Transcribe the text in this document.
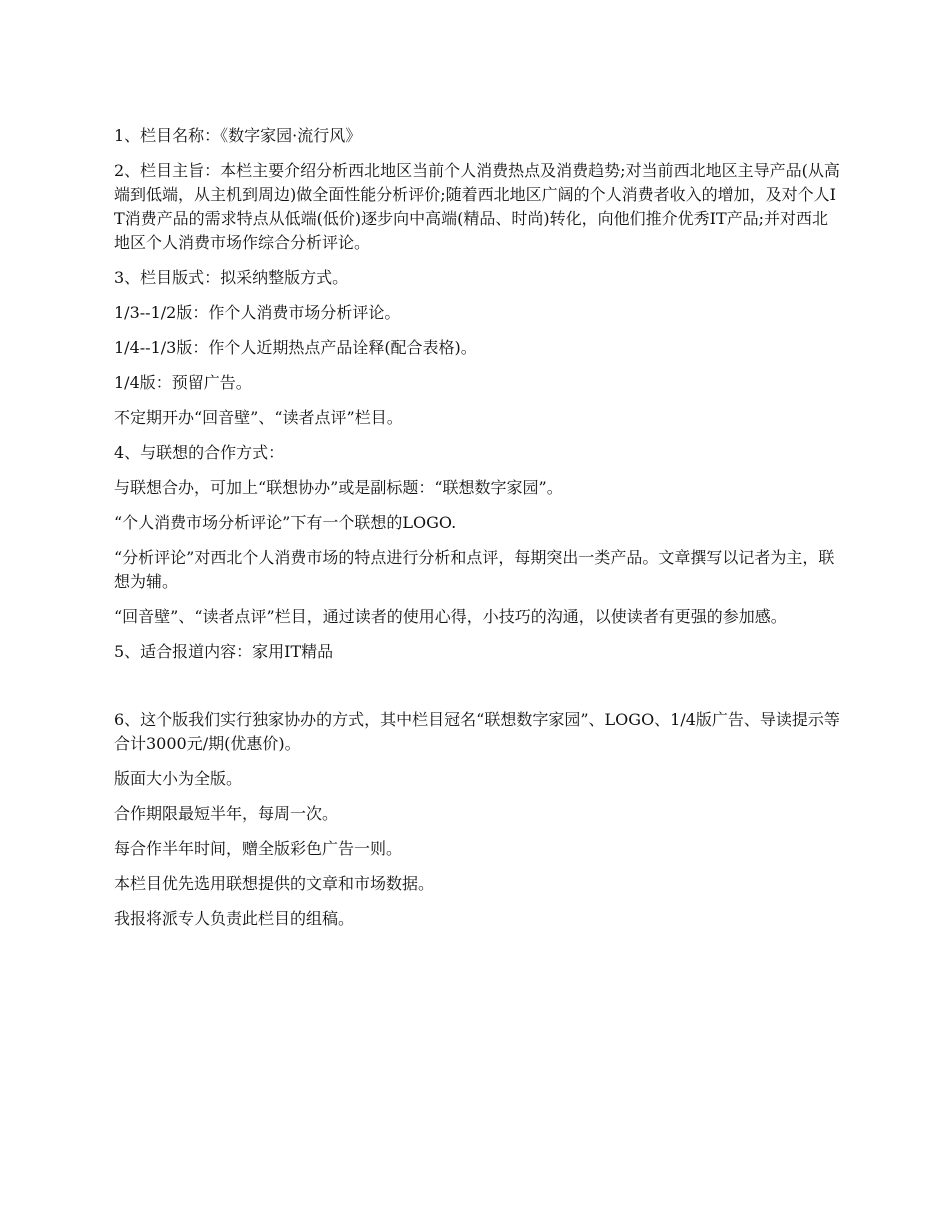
1、栏目名称：《数字家园·流行风》

2、栏目主旨：本栏主要介绍分析西北地区当前个人消费热点及消费趋势;对当前西北地区主导产品(从高端到低端，从主机到周边)做全面性能分析评价;随着西北地区广阔的个人消费者收入的增加，及对个人IT消费产品的需求特点从低端(低价)逐步向中高端(精品、时尚)转化，向他们推介优秀IT产品;并对西北地区个人消费市场作综合分析评论。

3、栏目版式：拟采纳整版方式。

1/3--1/2版：作个人消费市场分析评论。

1/4--1/3版：作个人近期热点产品诠释(配合表格)。

1/4版：预留广告。

不定期开办“回音壁”、“读者点评”栏目。

4、与联想的合作方式：

与联想合办，可加上“联想协办”或是副标题：“联想数字家园”。

“个人消费市场分析评论”下有一个联想的LOGO.

“分析评论”对西北个人消费市场的特点进行分析和点评，每期突出一类产品。文章撰写以记者为主，联想为辅。

“回音壁”、“读者点评”栏目，通过读者的使用心得，小技巧的沟通，以使读者有更强的参加感。

5、适合报道内容：家用IT精品

6、这个版我们实行独家协办的方式，其中栏目冠名“联想数字家园”、LOGO、1/4版广告、导读提示等合计3000元/期(优惠价)。

版面大小为全版。

合作期限最短半年，每周一次。

每合作半年时间，赠全版彩色广告一则。

本栏目优先选用联想提供的文章和市场数据。

我报将派专人负责此栏目的组稿。
